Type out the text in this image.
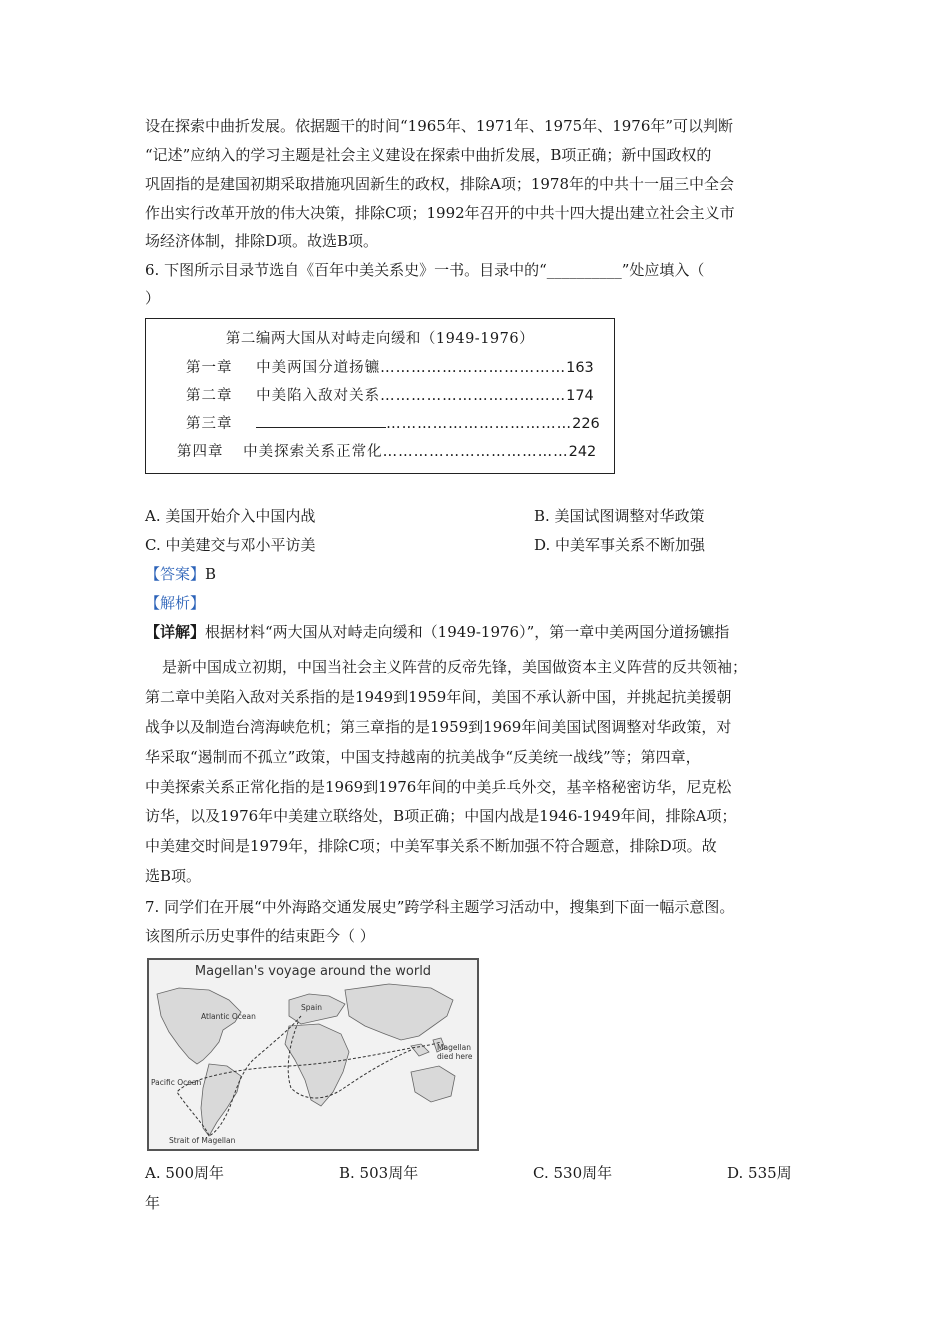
设在探索中曲折发展。依据题干的时间“1965年、1971年、1975年、1976年”可以判断
“记述”应纳入的学习主题是社会主义建设在探索中曲折发展，B项正确；新中国政权的
巩固指的是建国初期采取措施巩固新生的政权，排除A项；1978年的中共十一届三中全会
作出实行改革开放的伟大决策，排除C项；1992年召开的中共十四大提出建立社会主义市
场经济体制，排除D项。故选B项。
6. 下图所示目录节选自《百年中美关系史》一书。目录中的“__________”处应填入（
）
第二编两大国从对峙走向缓和（1949-1976）
第一章 中美两国分道扬镳………………………………163
第二章 中美陷入敌对关系………………………………174
第三章	………………………………226
第四章 中美探索关系正常化………………………………242
A. 美国开始介入中国内战	B. 美国试图调整对华政策
C. 中美建交与邓小平访美	D. 中美军事关系不断加强
【答案】B
【解析】
【详解】根据材料“两大国从对峙走向缓和（1949-1976）”，第一章中美两国分道扬镳指
是新中国成立初期，中国当社会主义阵营的反帝先锋，美国做资本主义阵营的反共领袖；
第二章中美陷入敌对关系指的是1949到1959年间，美国不承认新中国，并挑起抗美援朝
战争以及制造台湾海峡危机；第三章指的是1959到1969年间美国试图调整对华政策，对
华采取“遏制而不孤立”政策，中国支持越南的抗美战争“反美统一战线”等；第四章，
中美探索关系正常化指的是1969到1976年间的中美乒乓外交，基辛格秘密访华，尼克松
访华，以及1976年中美建立联络处，B项正确；中国内战是1946-1949年间，排除A项；
中美建交时间是1979年，排除C项；中美军事关系不断加强不符合题意，排除D项。故
选B项。
7. 同学们在开展“中外海路交通发展史”跨学科主题学习活动中，搜集到下面一幅示意图。
该图所示历史事件的结束距今（ ）
Magellan's voyage around the world
Spain
Atlantic Ocean
Pacific Ocean
Magellan
died here
Strait of Magellan
A. 500周年	B. 503周年	C. 530周年	D. 535周
年
